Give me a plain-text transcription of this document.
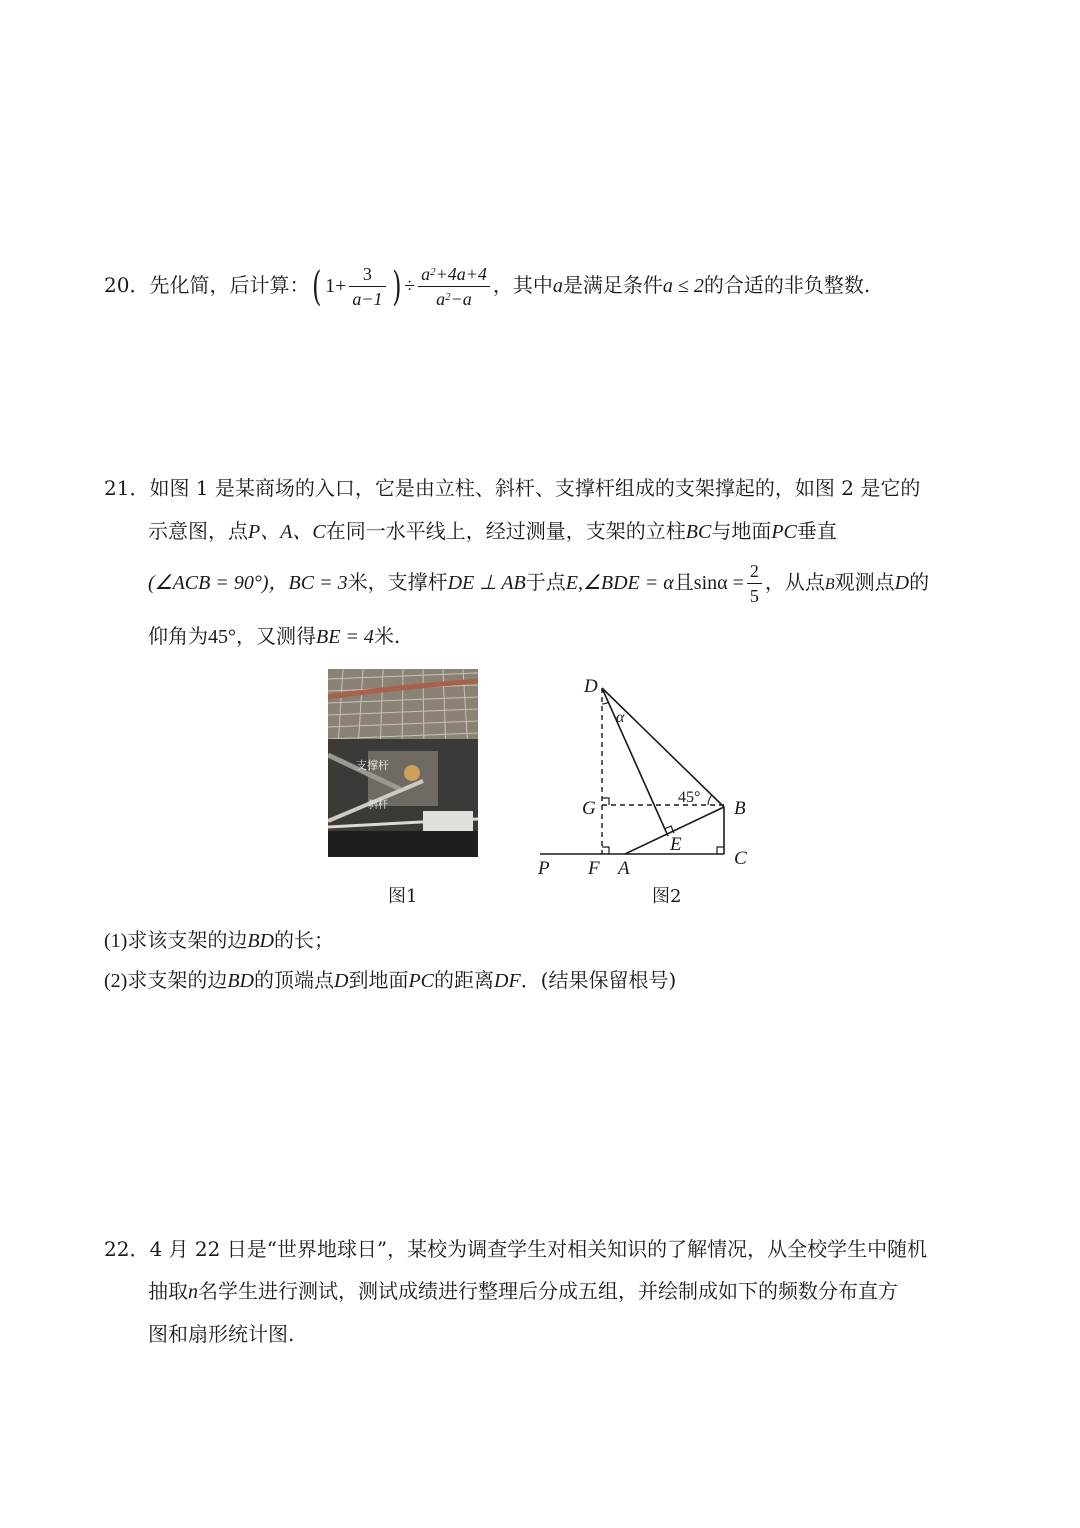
20．先化简，后计算：( $1+ \frac{3}{a-1}$ ) ÷ $\frac{a^2+4a+4}{a^2-a}$ ，其中a是满足条件a ≤ 2的合适的非负整数.
21．如图 1 是某商场的入口，它是由立柱、斜杆、支撑杆组成的支架撑起的，如图 2 是它的
示意图，点P、A、C在同一水平线上，经过测量，支架的立柱BC与地面PC垂直
(∠ACB = 90°)，BC = 3米，支撑杆DE ⊥ AB于点E,∠BDE = α且$\sin\alpha = \frac{2}{5}$ ，从点B观测点D的
仰角为45°，又测得BE = 4米.
支撑杆
斜杆
图1
D
α
G
45°
B
E
P F A	C
图2
(1)求该支架的边BD的长；
(2)求支架的边BD的顶端点D到地面PC的距离DF．(结果保留根号)
22．4 月 22 日是“世界地球日”，某校为调查学生对相关知识的了解情况，从全校学生中随机
抽取n名学生进行测试，测试成绩进行整理后分成五组，并绘制成如下的频数分布直方
图和扇形统计图.
